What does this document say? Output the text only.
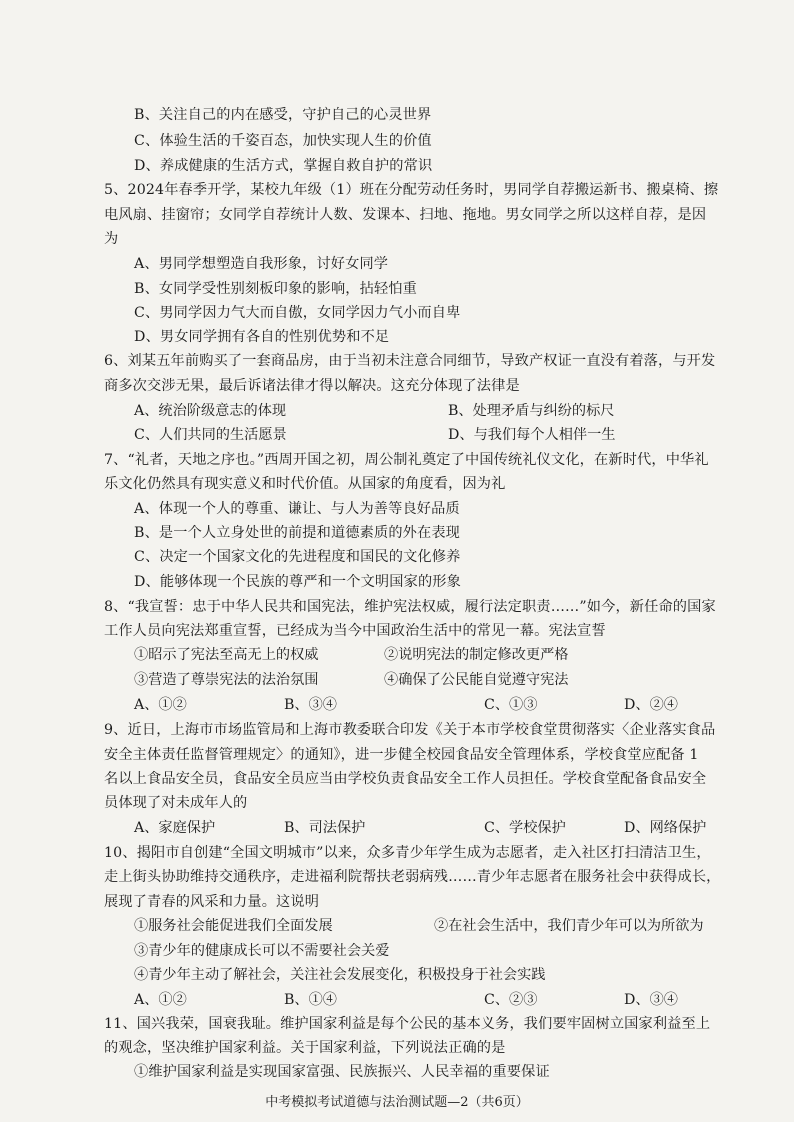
B、关注自己的内在感受，守护自己的心灵世界
C、体验生活的千姿百态，加快实现人生的价值
D、养成健康的生活方式，掌握自救自护的常识
5、2024年春季开学，某校九年级（1）班在分配劳动任务时，男同学自荐搬运新书、搬桌椅、擦
电风扇、挂窗帘；女同学自荐统计人数、发课本、扫地、拖地。男女同学之所以这样自荐，是因
为
A、男同学想塑造自我形象，讨好女同学
B、女同学受性别刻板印象的影响，拈轻怕重
C、男同学因力气大而自傲，女同学因力气小而自卑
D、男女同学拥有各自的性别优势和不足
6、刘某五年前购买了一套商品房，由于当初未注意合同细节，导致产权证一直没有着落，与开发
商多次交涉无果，最后诉诸法律才得以解决。这充分体现了法律是
A、统治阶级意志的体现	B、处理矛盾与纠纷的标尺
C、人们共同的生活愿景	D、与我们每个人相伴一生
7、“礼者，天地之序也。”西周开国之初，周公制礼奠定了中国传统礼仪文化，在新时代，中华礼
乐文化仍然具有现实意义和时代价值。从国家的角度看，因为礼
A、体现一个人的尊重、谦让、与人为善等良好品质
B、是一个人立身处世的前提和道德素质的外在表现
C、决定一个国家文化的先进程度和国民的文化修养
D、能够体现一个民族的尊严和一个文明国家的形象
8、“我宣誓：忠于中华人民共和国宪法，维护宪法权威，履行法定职责……”如今，新任命的国家
工作人员向宪法郑重宣誓，已经成为当今中国政治生活中的常见一幕。宪法宣誓
①昭示了宪法至高无上的权威	②说明宪法的制定修改更严格
③营造了尊崇宪法的法治氛围	④确保了公民能自觉遵守宪法
A、①②	B、③④	C、①③	D、②④
9、近日，上海市市场监管局和上海市教委联合印发《关于本市学校食堂贯彻落实〈企业落实食品
安全主体责任监督管理规定〉的通知》，进一步健全校园食品安全管理体系，学校食堂应配备 1
名以上食品安全员，食品安全员应当由学校负责食品安全工作人员担任。学校食堂配备食品安全
员体现了对未成年人的
A、家庭保护	B、司法保护	C、学校保护	D、网络保护
10、揭阳市自创建“全国文明城市”以来，众多青少年学生成为志愿者，走入社区打扫清洁卫生，
走上街头协助维持交通秩序，走进福利院帮扶老弱病残……青少年志愿者在服务社会中获得成长，
展现了青春的风采和力量。这说明
①服务社会能促进我们全面发展	②在社会生活中，我们青少年可以为所欲为
③青少年的健康成长可以不需要社会关爱
④青少年主动了解社会，关注社会发展变化，积极投身于社会实践
A、①②	B、①④	C、②③	D、③④
11、国兴我荣，国衰我耻。维护国家利益是每个公民的基本义务，我们要牢固树立国家利益至上
的观念，坚决维护国家利益。关于国家利益，下列说法正确的是
①维护国家利益是实现国家富强、民族振兴、人民幸福的重要保证
中考模拟考试道德与法治测试题—2（共6页）
